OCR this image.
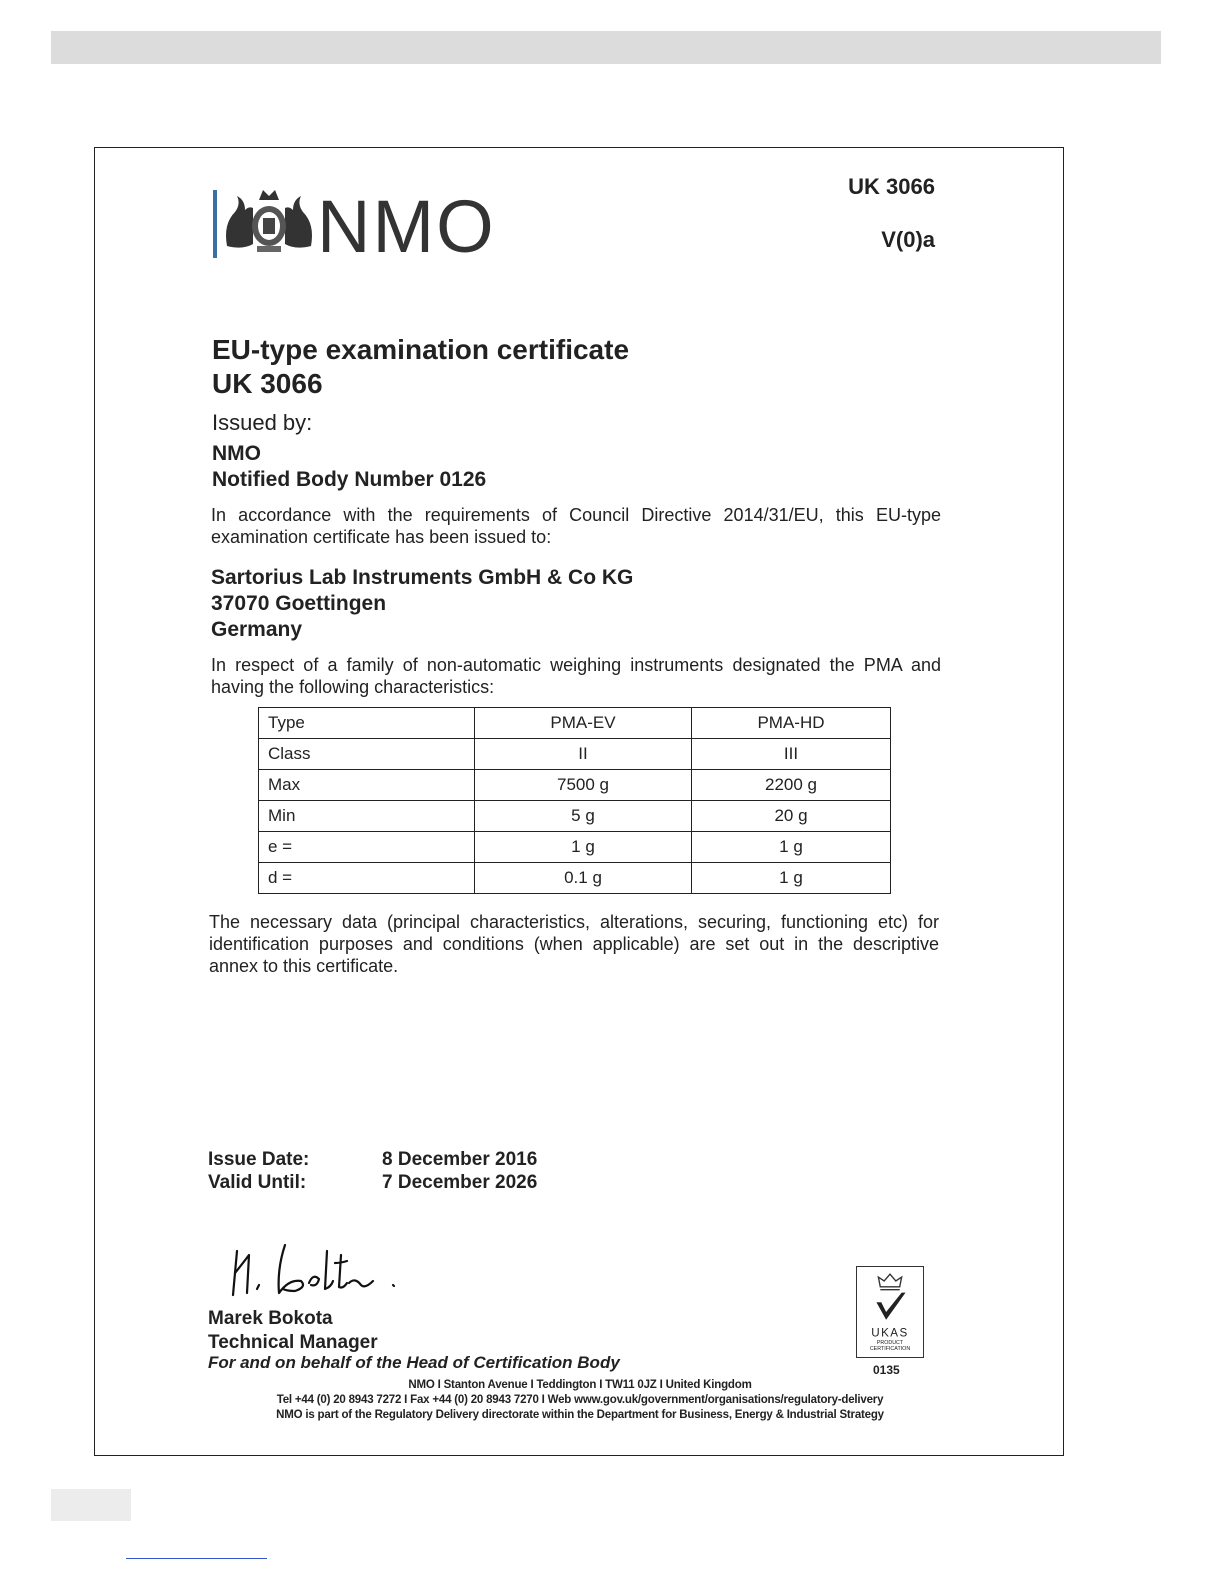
NMO	UK 3066
V(0)a
EU-type examination certificate
UK 3066
Issued by:
NMO
Notified Body Number 0126
In accordance with the requirements of Council Directive 2014/31/EU, this EU-type examination certificate has been issued to:
Sartorius Lab Instruments GmbH & Co KG
37070 Goettingen
Germany
In respect of a family of non-automatic weighing instruments designated the PMA and having the following characteristics:
Type	PMA-EV	PMA-HD
Class	II	III
Max	7500 g	2200 g
Min	5 g	20 g
e =	1 g	1 g
d =	0.1 g	1 g
The necessary data (principal characteristics, alterations, securing, functioning etc) for identification purposes and conditions (when applicable) are set out in the descriptive annex to this certificate.
Issue Date:	8 December 2016
Valid Until:	7 December 2026
Marek Bokota
Technical Manager
For and on behalf of the Head of Certification Body
UKAS
PRODUCT
CERTIFICATION
0135
NMO I Stanton Avenue I Teddington I TW11 0JZ I United Kingdom
Tel +44 (0) 20 8943 7272 I Fax +44 (0) 20 8943 7270 I Web www.gov.uk/government/organisations/regulatory-delivery
NMO is part of the Regulatory Delivery directorate within the Department for Business, Energy & Industrial Strategy
